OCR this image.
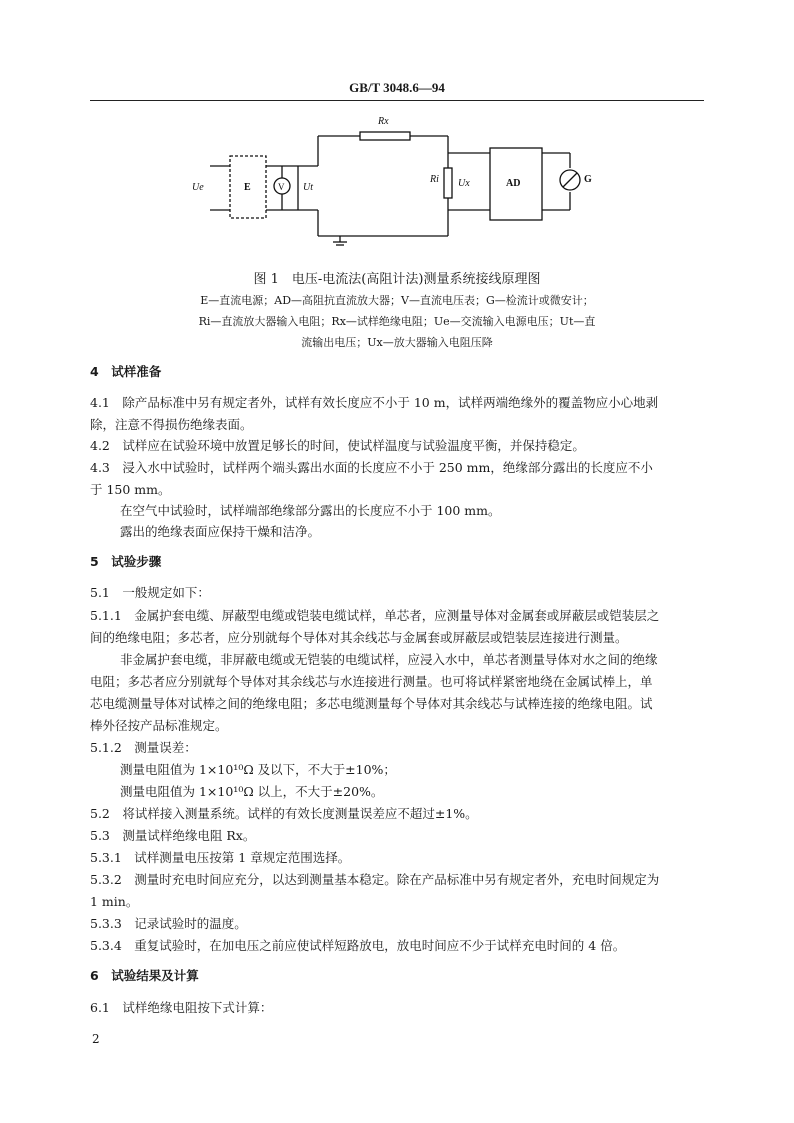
GB/T 3048.6—94
Rx
Ue	E	V Ut
Ri Ux	AD	G
图 1　电压-电流法(高阻计法)测量系统接线原理图
E—直流电源；AD—高阻抗直流放大器；V—直流电压表；G—检流计或微安计；
Ri—直流放大器输入电阻；Rx—试样绝缘电阻；Ue—交流输入电源电压；Ut—直
流输出电压；Ux—放大器输入电阻压降
4　试样准备
4.1　除产品标准中另有规定者外，试样有效长度应不小于 10 m，试样两端绝缘外的覆盖物应小心地剥
除，注意不得损伤绝缘表面。
4.2　试样应在试验环境中放置足够长的时间，使试样温度与试验温度平衡，并保持稳定。
4.3　浸入水中试验时，试样两个端头露出水面的长度应不小于 250 mm，绝缘部分露出的长度应不小
于 150 mm。
在空气中试验时，试样端部绝缘部分露出的长度应不小于 100 mm。
露出的绝缘表面应保持干燥和洁净。
5　试验步骤
5.1　一般规定如下：
5.1.1　金属护套电缆、屏蔽型电缆或铠装电缆试样，单芯者，应测量导体对金属套或屏蔽层或铠装层之
间的绝缘电阻；多芯者，应分别就每个导体对其余线芯与金属套或屏蔽层或铠装层连接进行测量。
非金属护套电缆，非屏蔽电缆或无铠装的电缆试样，应浸入水中，单芯者测量导体对水之间的绝缘
电阻；多芯者应分别就每个导体对其余线芯与水连接进行测量。也可将试样紧密地绕在金属试棒上，单
芯电缆测量导体对试棒之间的绝缘电阻；多芯电缆测量每个导体对其余线芯与试棒连接的绝缘电阻。试
棒外径按产品标准规定。
5.1.2　测量误差：
测量电阻值为 1×10¹⁰Ω 及以下，不大于±10%；
测量电阻值为 1×10¹⁰Ω 以上，不大于±20%。
5.2　将试样接入测量系统。试样的有效长度测量误差应不超过±1%。
5.3　测量试样绝缘电阻 Rx。
5.3.1　试样测量电压按第 1 章规定范围选择。
5.3.2　测量时充电时间应充分，以达到测量基本稳定。除在产品标准中另有规定者外，充电时间规定为
1 min。
5.3.3　记录试验时的温度。
5.3.4　重复试验时，在加电压之前应使试样短路放电，放电时间应不少于试样充电时间的 4 倍。
6　试验结果及计算
6.1　试样绝缘电阻按下式计算：
2
